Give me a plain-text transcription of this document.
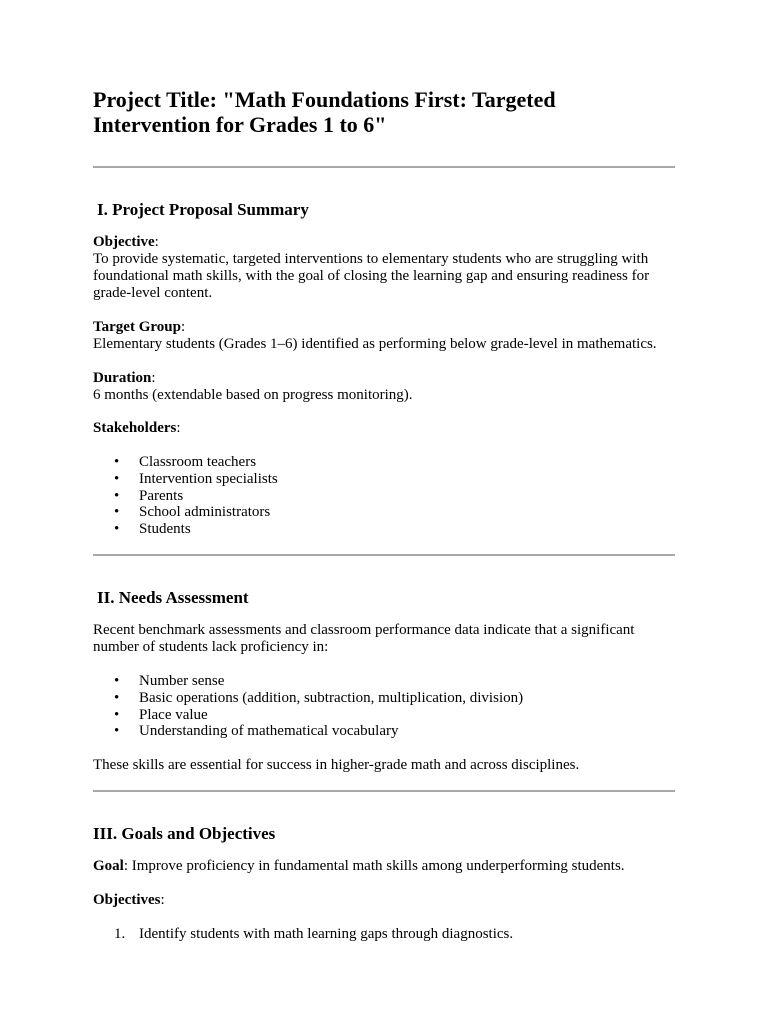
Project Title: "Math Foundations First: Targeted Intervention for Grades 1 to 6"
I. Project Proposal Summary

Objective:

To provide systematic, targeted interventions to elementary students who are struggling with foundational math skills, with the goal of closing the learning gap and ensuring readiness for grade-level content.

Target Group:

Elementary students (Grades 1–6) identified as performing below grade-level in mathematics.

Duration:

6 months (extendable based on progress monitoring).

Stakeholders:

• Classroom teachers
• Intervention specialists
• Parents
• School administrators
• Students
II. Needs Assessment

Recent benchmark assessments and classroom performance data indicate that a significant number of students lack proficiency in:

• Number sense
• Basic operations (addition, subtraction, multiplication, division)
• Place value
• Understanding of mathematical vocabulary

These skills are essential for success in higher-grade math and across disciplines.

III. Goals and Objectives

Goal: Improve proficiency in fundamental math skills among underperforming students.

Objectives:

1. Identify students with math learning gaps through diagnostics.
